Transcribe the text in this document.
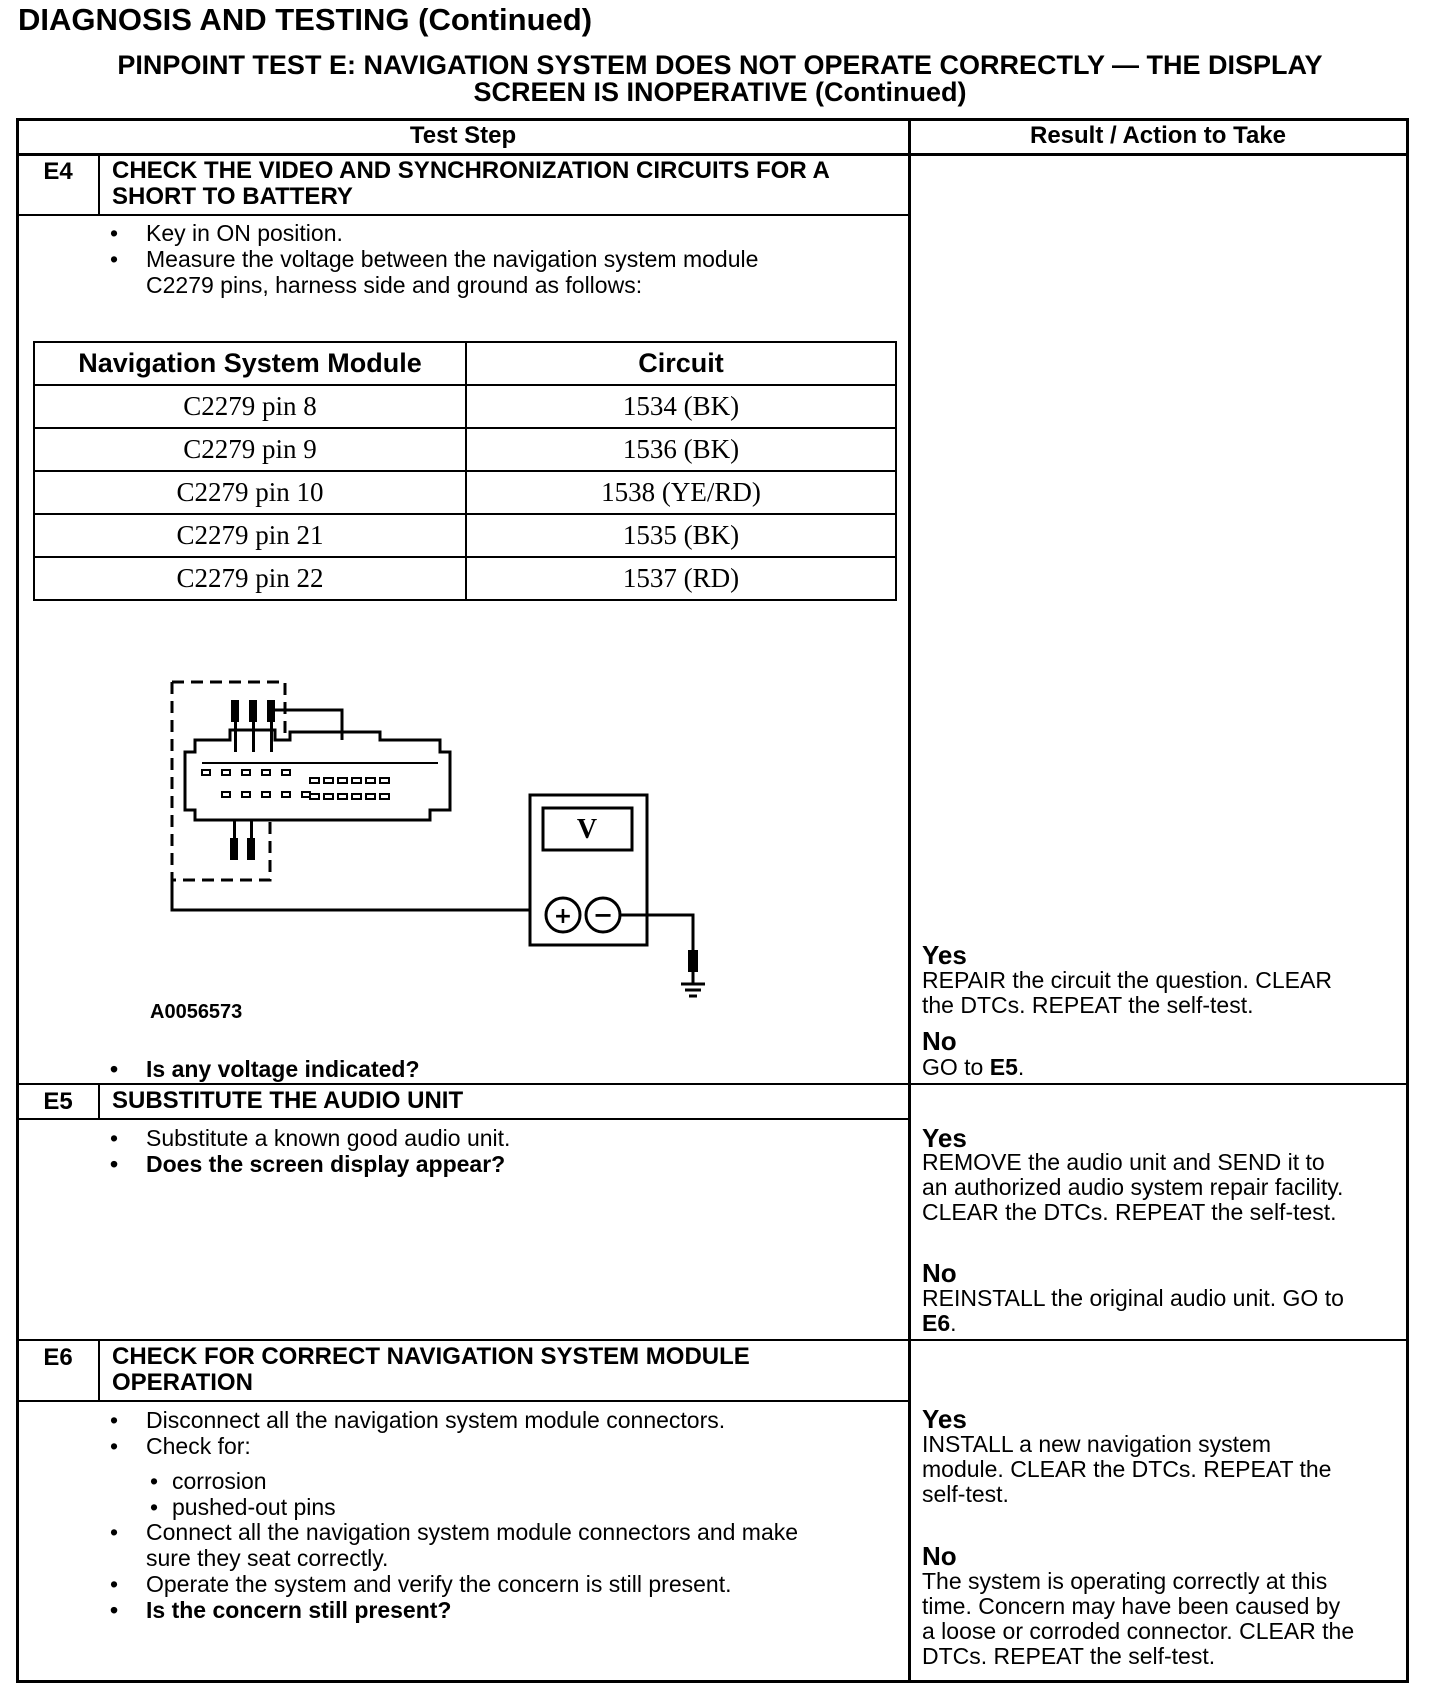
DIAGNOSIS AND TESTING (Continued)
PINPOINT TEST E: NAVIGATION SYSTEM DOES NOT OPERATE CORRECTLY — THE DISPLAY
SCREEN IS INOPERATIVE (Continued)
Test Step	Result / Action to Take
E4	CHECK THE VIDEO AND SYNCHRONIZATION CIRCUITS FOR A
SHORT TO BATTERY
• Key in ON position.
• Measure the voltage between the navigation system module
C2279 pins, harness side and ground as follows:
Navigation System Module	Circuit
C2279 pin 8	1534 (BK)
C2279 pin 9	1536 (BK)
C2279 pin 10	1538 (YE/RD)
C2279 pin 21	1535 (BK)
C2279 pin 22	1537 (RD)
V
+ −
A0056573
• Is any voltage indicated?
Yes
REPAIR the circuit the question. CLEAR
the DTCs. REPEAT the self-test.
No
GO to E5.
E5	SUBSTITUTE THE AUDIO UNIT
• Substitute a known good audio unit.
• Does the screen display appear?
Yes
REMOVE the audio unit and SEND it to
an authorized audio system repair facility.
CLEAR the DTCs. REPEAT the self-test.
No
REINSTALL the original audio unit. GO to
E6.
E6	CHECK FOR CORRECT NAVIGATION SYSTEM MODULE
OPERATION
• Disconnect all the navigation system module connectors.
• Check for:
• corrosion
• pushed-out pins
• Connect all the navigation system module connectors and make
sure they seat correctly.
• Operate the system and verify the concern is still present.
• Is the concern still present?
Yes
INSTALL a new navigation system
module. CLEAR the DTCs. REPEAT the
self-test.
No
The system is operating correctly at this
time. Concern may have been caused by
a loose or corroded connector. CLEAR the
DTCs. REPEAT the self-test.
